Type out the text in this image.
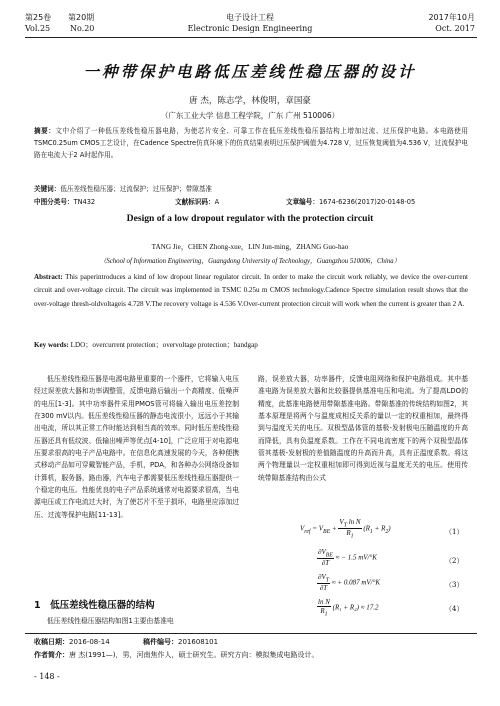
第25卷 第20期	电子设计工程	2017年10月
Vol.25 No.20	Electronic Design Engineering	Oct. 2017
一种带保护电路低压差线性稳压器的设计
唐 杰，陈志学，林俊明，章国豪
（广东工业大学 信息工程学院，广东 广州 510006）
摘要：文中介绍了一种低压差线性稳压器电路，为使芯片安全、可靠工作在低压差线性稳压器结构上增加过流、过压保护电路。本电路使用TSMC0.25um CMOS工艺设计，在Cadence Spectre仿真环境下的仿真结果表明过压保护阈值为4.728 V，过压恢复阈值为4.536 V，过流保护电路在电流大于2 A时起作用。
关键词：低压差线性稳压器；过流保护；过压保护；带隙基准
中图分类号：TN432	文献标识码：A	文章编号：1674-6236(2017)20-0148-05
Design of a low dropout regulator with the protection circuit
TANG Jie，CHEN Zhong-xue，LIN Jun-ming，ZHANG Guo-hao
（School of Information Engineering，Guangdong University of Technology，Guangzhou 510006，China）
Abstract: This paperintroduces a kind of low dropout linear regulator circuit. In order to make the circuit work reliably, we device the over-current circuit and over-voltage circuit. The circuit was implemented in TSMC 0.25u m CMOS technology.Cadence Spectre simulation result shows that the over-voltage thresh-oldvoltageis 4.728 V.The recovery voltage is 4.536 V.Over-current protection circuit will work when the current is greater than 2 A.
Key words: LDO；overcurrent protection；overvoltage protection；bandgap

低压差线性稳压器是电源电路里重要的一个器件，它将输入电压经过误差放大器和功率调整管，反馈电路后输出一个高精度、低噪声的电压[1-3]。其中功率器件采用PMOS管可将输入输出电压差控制在300 mV以内。低压差线性稳压器的静态电流很小，远远小于其输出电流，所以其正常工作时能达到相当高的效率。同时低压差线性稳压器还具有低纹波、低输出噪声等优点[4-10]，广泛应用于对电源电压要求很高的电子产品电路中。在信息化高速发展的今天，各种便携式移动产品如可穿戴智能产品，手机，PDA，和各种办公网络设备如计算机，服务器，路由器，汽车电子都需要低压差线性稳压器提供一个稳定的电压。性能优良的电子产品系统通常对电源要求很高，当电源电压或工作电流过大时，为了使芯片不至于损坏，电路里应添加过压、过流等保护电路[11-13]。

1　低压差线性稳压器的结构

低压差线性稳压器结构如图1主要由基准电

路，误差放大器，功率器件，反馈电阻网络和保护电路组成。其中基准电路为误差放大器和比较器提供基准电压和电流。为了提高LDO的精度，此基准电路使用带隙基准电路。带隙基准的传统结构如图2，其基本原理是将两个与温度成相反关系的量以一定的权重相加，最终得到与温度无关的电压。双极型晶体管的基极-发射极电压随温度的升高而降低，具有负温度系数。工作在不同电流密度下的两个双极型晶体管其基极-发射极的差值随温度的升高而升高，具有正温度系数。将这两个物理量以一定权重相加即可得到近视与温度无关的电压。使用传统带隙基准结构由公式

$V_{ref} = V_{BE} + \frac{V_T \ln N}{R_1} (R_1 + R_2)$	（1）
$\frac{\partial V_{BE}}{\partial T}$ ≈ − 1.5 mV/°K	（2）
$\frac{\partial V_T}{\partial T}$ ≈ + 0.087 mV/°K	（3）
$\frac{\text{ln N}}{R_1} (R_1 + R_2) \approx 17.2$	（4）
收稿日期：2016-08-14	稿件编号：201608101
作者简介：唐 杰(1991—)，男，河南焦作人，硕士研究生。研究方向：模拟集成电路设计。
- 148 -
